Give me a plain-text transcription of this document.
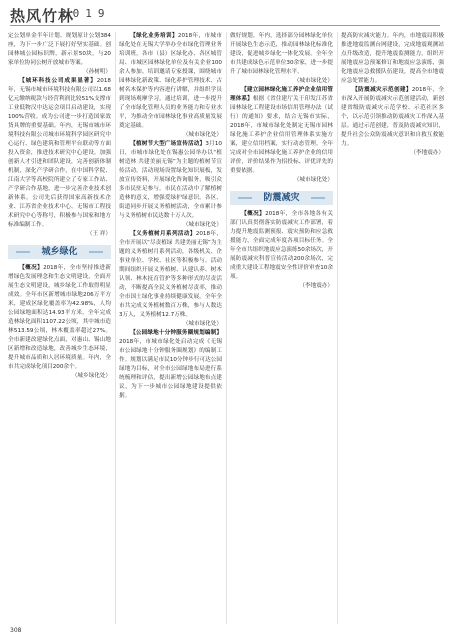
热风竹林
2019

定公划单金半年计划。规划原计公划384座，为下一步广泛下展打好坚实基础。创园林城公园标识牌，新示景50块，与20家单位协同公树开放城市等案。

（孙树明）

【城环科技公司成果显著】2018年，无锡市城市环境科技有限公司以1.68亿元缴纳税款与经营利润比较51%支撑市工业低物汉中达运会项目启动建设，实现100%营收。成为公司进一步打造国家效货具牌的重要基础。年内，无锡市城市环境科技有限公司城市环境科学园区研究中心运行、绿色建筑和管理平台联动等方面投入资金，推进技术研究中心建设。加强创新人才引进和团队建设，完善创新体制机制，深化产学研合作，在中国科学院、江南大学等高校院所建立了专家工作站、产学研合作基地，进一步完善企业技术创新体系。公司先后获得国家高新技术企业、江苏省企业技术中心、无锡市工程技术研究中心等称号，积极参与国家和地方标准编制工作。

（王 祥）

城乡绿化

【概况】2018年，全市坚持推进新增绿色发展理念和生态文明建设，全面开展生态文明建设，城乡绿化工作取得明显成效。全年市区新增城市绿地206万平方米，建成区绿化覆盖率为42.98%，人均公园绿地面积达14.93平方米。全年完成造林绿化面积1107.22公顷，其中城市造林513.59公顷，林木覆盖率超过27%。全市新建改建绿化点面，对惠山、锡山地区新增和改造绿地，改善城乡生态环境，提升城市品质和人居环境质量。年内，全市共完成绿化项目200余个。

（城乡绿化处）

【绿化业务培训】2018年，市城市绿化处在无锡大学举办全市绿化管理业务培训班，各市（县）区绿化办、各区城管局、市城区园林绿化单位及有关企业100余人参加。培训邀请专家授课，围绕城市园林绿化新政策、绿化养护管理技术、古树名木保护等内容进行讲解，并组织学员到现场观摩学习。通过培训，进一步提升了全市绿化管理人员的业务能力和专业水平，为推动全市园林绿化事业高质量发展奠定基础。

（城市绿化处）

【植树节大型广场宣传活动】3月10日，市城市绿化处在锡惠公园举办以“植树造林 共建美丽无锡”为主题的植树节宣传活动。活动现场设置绿化知识展板，发放宣传资料，开展绿化咨询服务，吸引众多市民驻足参与。市民在活动中了解植树造林的意义，增强爱绿护绿意识。各区、街道同步开展义务植树活动，全市累计参与义务植树市民达数十万人次。

（城市绿化处）

【义务植树月系列活动】2018年，全市开展以“尽责植绿 共建美丽无锡”为主题的义务植树月系列活动，各级机关、企事业单位、学校、社区等积极参与。活动期间组织开展义务植树、认建认养、树木认领、林木抚育管护等多种形式的尽责活动，不断提高全民义务植树尽责率，推动全市国土绿化事业持续健康发展。全年全市共完成义务植树数百万株，参与人数达3万人，义务植树12.7万株。

（城市绿化处）

【公园绿地十分钟服务圈规划编制】2018年，市城市绿化处启动完成《无锡市公园绿地十分钟服务圈规划》的编制工作。规划以满足市民10分钟步行可达公园绿地为目标，对全市公园绿地布局进行系统梳理和评估，提出新增公园绿地布点建议，为下一步城市公园绿地建设提供依据。

做好规划。年内，选择部分园林绿化单位开展绿色生态示范，推动园林绿化标准化建设，促进城乡绿化一体化发展。全年全市共建成绿色示范单位30余家，进一步提升了城市园林绿化管理水平。

（城市绿化处）

【建立园林绿化施工养护企业信用管理体系】根据《省住建厅关于印发江苏省园林绿化工程建设市场信用管理办法（试行）的通知》要求，结合无锡市实际，2018年，市城市绿化处制定无锡市园林绿化施工养护企业信用管理体系实施方案，建立信用档案，实行动态管理。全年完成对全市园林绿化施工养护企业的信用评价，评价结果作为招投标、评优评先的重要依据。

（城市绿化处）

防震减灾

【概况】2018年，全市各地各有关部门认真贯彻落实防震减灾工作部署，着力提升地震监测预报、震灾预防和应急救援能力，全面完成年度各项目标任务。全年全市共组织地震应急演练50余场次，开展防震减灾科普宣传活动200余场次，完成重大建设工程地震安全性评价审查10余项。

（李地震办）

提高防灾减灾能力。年内，市地震局积极推进地震监测台网建设，完成地震观测站点升级改造，提升地震监测能力。组织开展地震应急预案修订和地震应急演练，强化地震应急救援队伍建设，提高全市地震应急处置能力。

【防震减灾示范创建】2018年，全市深入开展防震减灾示范创建活动，新创建省级防震减灾示范学校、示范社区多个，以示范引领推动防震减灾工作深入基层。通过示范创建，普及防震减灾知识，提升社会公众防震减灾意识和自救互救能力。

（李地震办）

308
